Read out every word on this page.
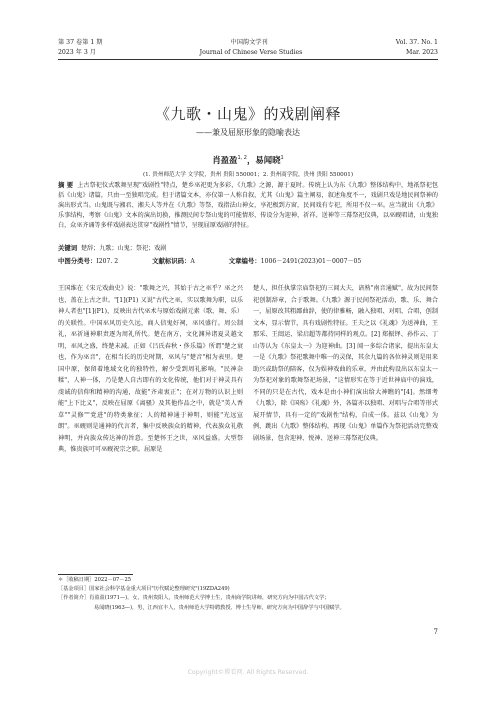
第 37 卷第 1 期	中国韵文学刊	Vol. 37. No. 1
2023 年 3 月	Journal of Chinese Verse Studies	Mar. 2023
《九歌・山鬼》的戏剧阐释
——兼及屈原形象的隐喻表达
肖盈盈$^{1, 2}$，易闻晓$^1$
(1. 贵州师范大学 文学院，贵州 贵阳 550001；2. 贵州商学院，贵州 贵阳 550001)
摘 要 上古祭祀仪式歌舞呈现"戏剧性"特点，楚乡巫祀更为多彩，《九歌》之源，源于夏时。传统上认为东《九歌》整体结构中，地祇祭祀包括《山鬼》诸篇，只由一至独唱完成。但于诸篇文本，亦仅第一人称自叙，尤其《山鬼》篇主阐易，叙述角度不一，戏剧只戏是地民间祭神的演出形式当。山鬼既与湘君、湘夫人等并在《九歌》等祭，戏指法山神女，享祀极到方窗，民间戏有专祀，所用不仅一巫。应当就出《九歌》乐事结构，考察《山鬼》文本的演出切换，推测民间专祭山鬼的可能情形，传设分为迎神、祈祥、送神等三幕祭祀仪典，以巫觋唱请，山鬼独白，众巫齐诵等多样戏剧表达贯穿"戏剧性"情节，呈现屈原戏剧的特征。
关键词 楚辞；九歌；山鬼；祭祀；戏剧
中图分类号：I207. 2	文献标识码：A	文章编号：1006－2491(2023)01－0007－05
王国维在《宋元戏曲史》说："歌舞之兴，其始于古之巫乎？巫之兴也，盖在上古之世。"[1](P1) 又说"古代之巫，实以歌舞为职，以乐神人者也"[1](P1)，反映出古代巫术与原始戏剧元素（歌、舞、乐）的关联性。中国巫风历史久远，商人信鬼好祠，巫风盛行。周公制礼，巫祈通神职责逐为周礼所代。楚在南方，文化渊异诸夏灵越文明，巫风之盛，终楚未减。正如《吕氏春秋・侈乐篇》所谓"楚之衰也，作为巫音"，在相当长的历史时期，巫风与"楚音"相为表里。楚国中原，保留着地域文化的独特性，解少受到周礼影响。"民神杂糅"，人神一体，乃是楚人自古即有的文化传统，他们对于神灵具有虔诚的信仰和精神的沟通，故能"齐肃衷正"；在对万物的认识上则能"上下比义"，反映在屈原《离骚》及其他作品之中，就是"美人香草""灵修""党进"的特类象征；人的精神通于神明，则能"光远宣朗"。巫觋则是通神的代言者，集中反映族众的精神，代表族众礼敬神明，并向族众传达神的旨意。至楚怀王之世，巫风益盛。大型祭典，惟贵族可可巫觋祝宗之职。屈原是
楚人，担任执掌宗庙祭祀的三闾大夫，谙熟"南音通赋"，故为民间祭祀创制辞章，合于歌舞。《九歌》源于民间祭祀活动，歌、乐、舞合一，屈原改其粗鄙曲辞，使的律雅畅，融入独唱、对唱、合唱，创制文本，显示情节，具有戏剧性特征。王夫之以《礼魂》为送神曲，王那采、王闿运、梁启超等都持同样的观点。[2] 郑振铎、孙作云、丁山等认为《东皇太一》为迎神曲。[3] 闻一多综合诸家，提出东皇太一是《九歌》祭祀歌舞中唯一的灵保，其余九篇的各位神灵则是用来助兴或助祭的陪客，仅为娱神戏曲的乐章，并由此构设出以东皇太一为祭祀对象的歌舞祭祀场景，"这情形实在等于近世神庙中的演戏，不同的只是在古代，戏本是由小神们演出给大神瞧的"[4]。然细考《九歌》，除《国殇》《礼魂》外，各篇亦以独唱、对唱与合唱等形式展开情节，具有一定的"戏剧性"结构，自成一体。兹以《山鬼》为例，跳出《九歌》整体结构，再现《山鬼》单篇作为祭祀活动完整戏剧场景，包含迎神、悦神、送神三幕祭祀仪典。
＊［收稿日期］2022－07－25
［基金项目］国家社会科学基金重大项目"历代赋论整理研究"(19ZDA249)
［作者简介］肖盈盈(1971—)，女，贵州贵阳人，贵州师范大学博士生，贵州商学院讲师，研究方向为中国古代文学；
易闻晓(1963—)，男，江西宜丰人，贵州师范大学特聘教授、博士生导师，研究方向为中国辞学与中国赋学。
7
Copyright©博看网. All Rights Reserved.
